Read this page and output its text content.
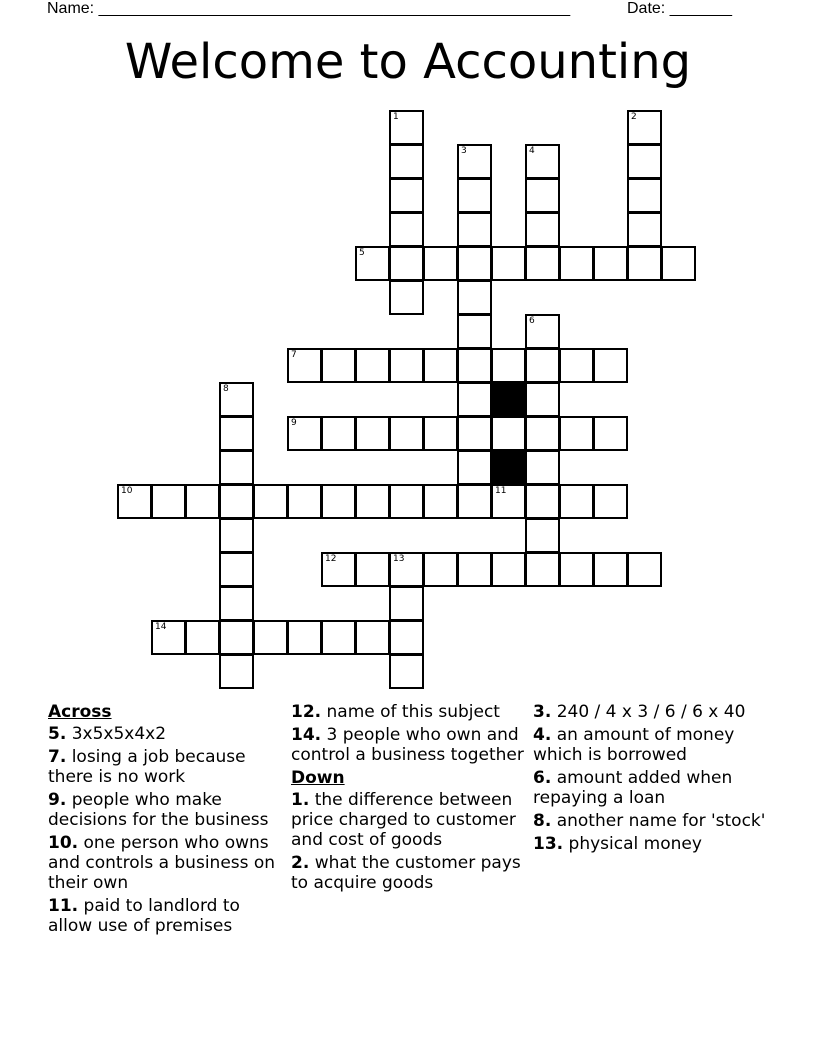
Name: _____________________________________________________	Date: _______
Welcome to Accounting
1	2
3	4
5
6
7
8
9
10	11
12	13
14
Across
5. 3x5x5x4x2
7. losing a job because there is no work
9. people who make decisions for the business
10. one person who owns and controls a business on their own
11. paid to landlord to allow use of premises
12. name of this subject
14. 3 people who own and control a business together
Down
1. the difference between price charged to customer and cost of goods
2. what the customer pays to acquire goods
3. 240 / 4 x 3 / 6 / 6 x 40
4. an amount of money which is borrowed
6. amount added when repaying a loan
8. another name for 'stock'
13. physical money
